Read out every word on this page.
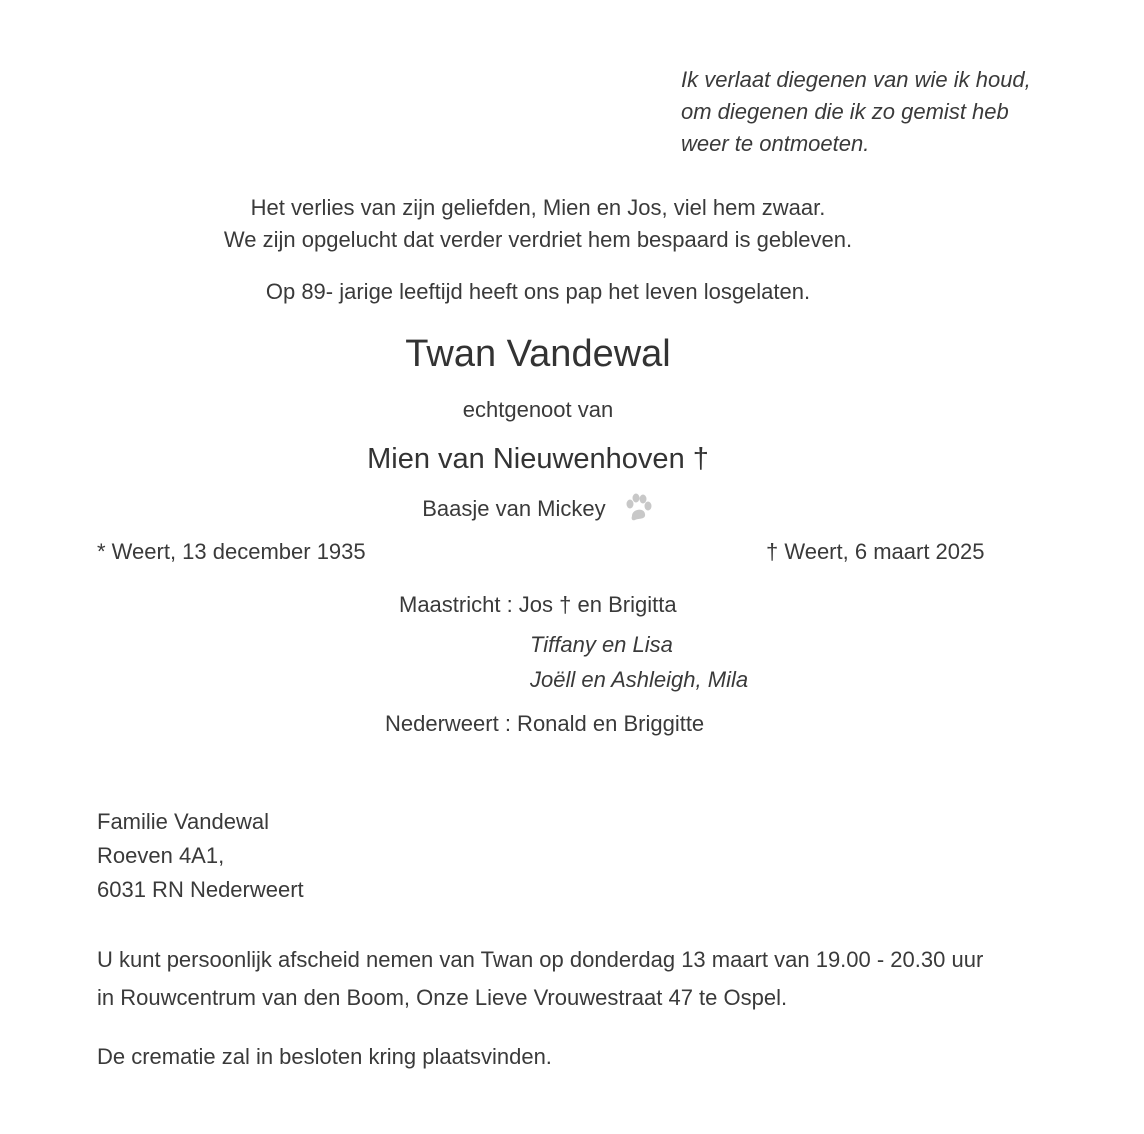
Ik verlaat diegenen van wie ik houd,
om diegenen die ik zo gemist heb
weer te ontmoeten.
Het verlies van zijn geliefden, Mien en Jos, viel hem zwaar.
We zijn opgelucht dat verder verdriet hem bespaard is gebleven.
Op 89- jarige leeftijd heeft ons pap het leven losgelaten.
Twan Vandewal
echtgenoot van
Mien van Nieuwenhoven †
Baasje van Mickey
* Weert, 13 december 1935	† Weert, 6 maart 2025
Maastricht : Jos † en Brigitta
Tiffany en Lisa
Joëll en Ashleigh, Mila
Nederweert : Ronald en Briggitte
Familie Vandewal
Roeven 4A1,
6031 RN Nederweert
U kunt persoonlijk afscheid nemen van Twan op donderdag 13 maart van 19.00 - 20.30 uur
in Rouwcentrum van den Boom, Onze Lieve Vrouwestraat 47 te Ospel.
De crematie zal in besloten kring plaatsvinden.
